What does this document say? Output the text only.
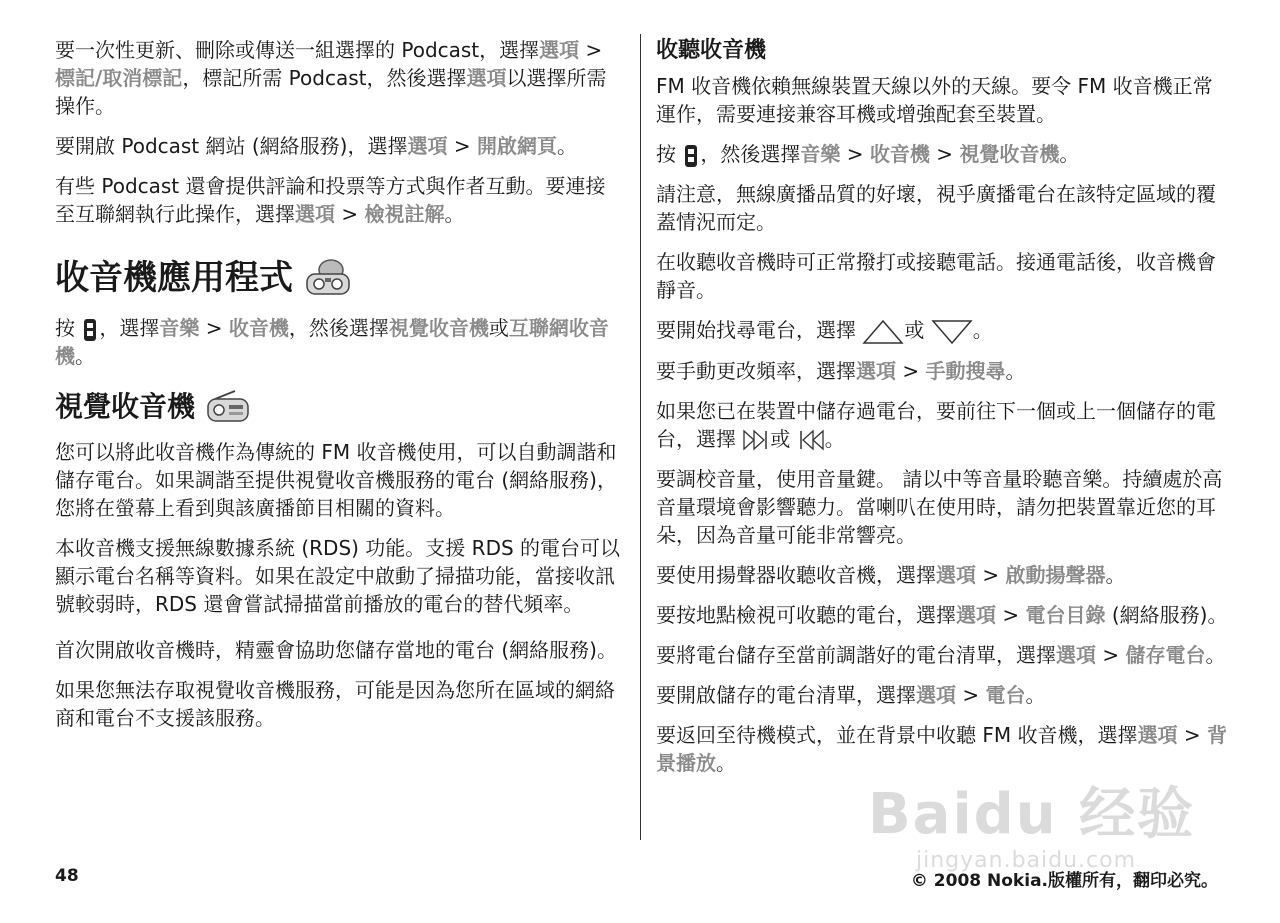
要一次性更新、刪除或傳送一組選擇的 Podcast，選擇選項 > 標記/取消標記，標記所需 Podcast，然後選擇選項以選擇所需操作。

要開啟 Podcast 網站 (網絡服務)，選擇選項 > 開啟網頁。

有些 Podcast 還會提供評論和投票等方式與作者互動。要連接至互聯網執行此操作，選擇選項 > 檢視註解。

收音機應用程式

按 ，選擇音樂 > 收音機，然後選擇視覺收音機或互聯網收音機。

視覺收音機

您可以將此收音機作為傳統的 FM 收音機使用，可以自動調諧和儲存電台。如果調諧至提供視覺收音機服務的電台 (網絡服務)，您將在螢幕上看到與該廣播節目相關的資料。

本收音機支援無線數據系統 (RDS) 功能。支援 RDS 的電台可以顯示電台名稱等資料。如果在設定中啟動了掃描功能，當接收訊號較弱時，RDS 還會嘗試掃描當前播放的電台的替代頻率。

首次開啟收音機時，精靈會協助您儲存當地的電台 (網絡服務)。

如果您無法存取視覺收音機服務，可能是因為您所在區域的網絡商和電台不支援該服務。

收聽收音機

FM 收音機依賴無線裝置天線以外的天線。要令 FM 收音機正常運作，需要連接兼容耳機或增強配套至裝置。

按 ，然後選擇音樂 > 收音機 > 視覺收音機。

請注意，無線廣播品質的好壞，視乎廣播電台在該特定區域的覆蓋情況而定。

在收聽收音機時可正常撥打或接聽電話。接通電話後，收音機會靜音。

要開始找尋電台，選擇 或 。

要手動更改頻率，選擇選項 > 手動搜尋。

如果您已在裝置中儲存過電台，要前往下一個或上一個儲存的電台，選擇 或 。

要調校音量，使用音量鍵。 請以中等音量聆聽音樂。持續處於高音量環境會影響聽力。當喇叭在使用時，請勿把裝置靠近您的耳朵，因為音量可能非常響亮。

要使用揚聲器收聽收音機，選擇選項 > 啟動揚聲器。

要按地點檢視可收聽的電台，選擇選項 > 電台目錄 (網絡服務)。

要將電台儲存至當前調諧好的電台清單，選擇選項 > 儲存電台。

要開啟儲存的電台清單，選擇選項 > 電台。

要返回至待機模式，並在背景中收聽 FM 收音機，選擇選項 > 背景播放。

Baidu 经验
jingyan.baidu.com
48	© 2008 Nokia.版權所有，翻印必究。
